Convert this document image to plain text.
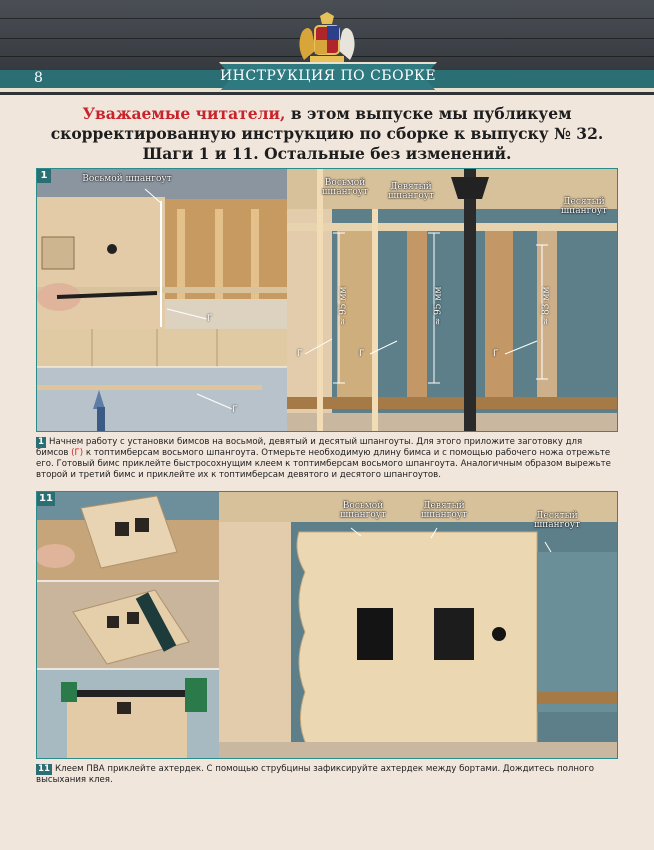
8	ИНСТРУКЦИЯ ПО СБОРКЕ
Уважаемые читатели, в этом выпуске мы публикуем скорректированную инструкцию по сборке к выпуску № 32. Шаги 1 и 11. Остальные без изменений.
1	Восьмой шпангоут	Восьмой шпангоут	Девятый шпангоут
Десятый шпангоут
Г
Г
Г	Г	Г
≈ 95 мм	≈ 95 мм	≈ 83 мм
1 Начнем работу с установки бимсов на восьмой, девятый и десятый шпангоуты. Для этого приложите заготовку для бимсов (Г) к топтимберсам восьмого шпангоута. Отмерьте необходимую длину бимса и с помощью рабочего ножа отрежьте его. Готовый бимс приклейте быстросохнущим клеем к топтимберсам восьмого шпангоута. Аналогичным образом вырежьте второй и третий бимс и приклейте их к топтимберсам девятого и десятого шпангоутов.
11
Восьмой шпангоут
Девятый шпангоут	Десятый шпангоут
11 Клеем ПВА приклейте ахтердек. С помощью струбцины зафиксируйте ахтердек между бортами. Дождитесь полного высыхания клея.
